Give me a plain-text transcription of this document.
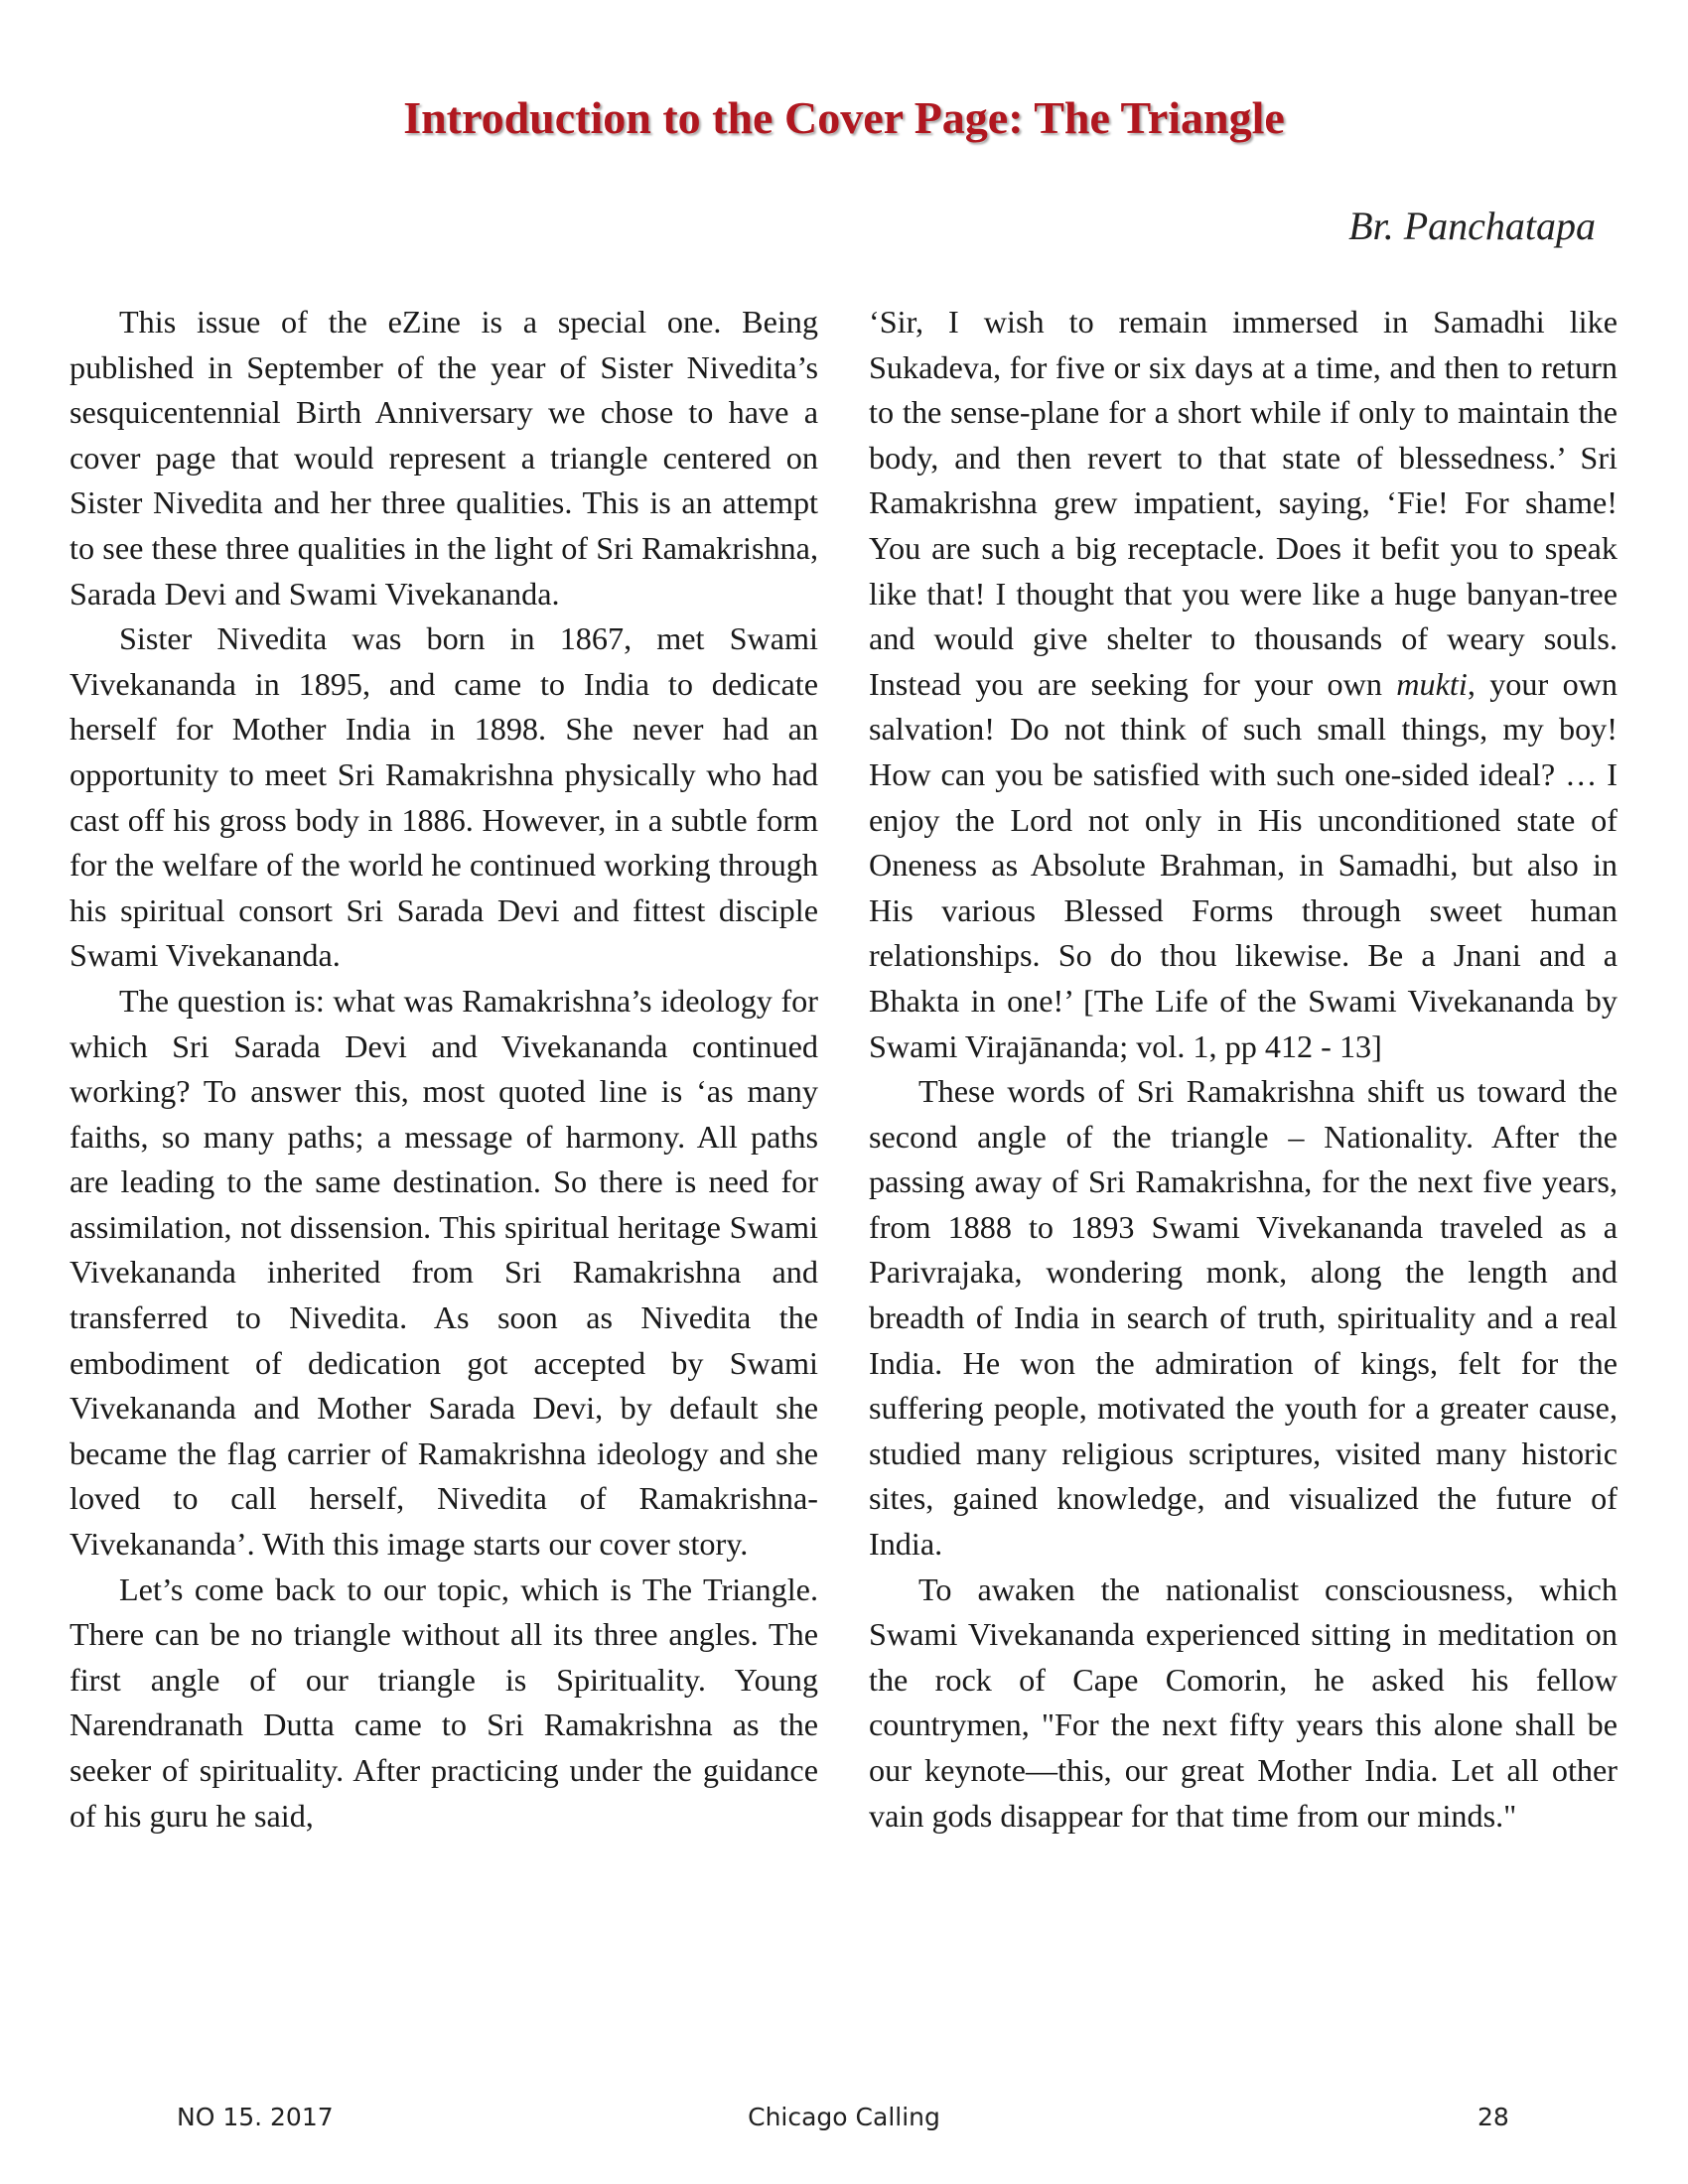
Introduction to the Cover Page: The Triangle
Br. Panchatapa

This issue of the eZine is a special one. Being published in September of the year of Sister Nivedita’s sesquicentennial Birth Anniversary we chose to have a cover page that would represent a triangle centered on Sister Nivedita and her three qualities. This is an attempt to see these three qualities in the light of Sri Ramakrishna, Sarada Devi and Swami Vivekananda.

Sister Nivedita was born in 1867, met Swami Vivekananda in 1895, and came to India to dedicate herself for Mother India in 1898. She never had an opportunity to meet Sri Ramakrishna physically who had cast off his gross body in 1886. However, in a subtle form for the welfare of the world he continued working through his spiritual consort Sri Sarada Devi and fittest disciple Swami Vivekananda.

The question is: what was Ramakrishna’s ideology for which Sri Sarada Devi and Vivekananda continued working? To answer this, most quoted line is ‘as many faiths, so many paths; a message of harmony. All paths are leading to the same destination. So there is need for assimilation, not dissension. This spiritual heritage Swami Vivekananda inherited from Sri Ramakrishna and transferred to Nivedita. As soon as Nivedita the embodiment of dedication got accepted by Swami Vivekananda and Mother Sarada Devi, by default she became the flag carrier of Ramakrishna ideology and she loved to call herself, Nivedita of Ramakrishna-Vivekananda’. With this image starts our cover story.

Let’s come back to our topic, which is The Triangle. There can be no triangle without all its three angles. The first angle of our triangle is Spirituality. Young Narendranath Dutta came to Sri Ramakrishna as the seeker of spirituality. After practicing under the guidance of his guru he said,

‘Sir, I wish to remain immersed in Samadhi like Sukadeva, for five or six days at a time, and then to return to the sense-plane for a short while if only to maintain the body, and then revert to that state of blessedness.’ Sri Ramakrishna grew impatient, saying, ‘Fie! For shame! You are such a big receptacle. Does it befit you to speak like that! I thought that you were like a huge banyan-tree and would give shelter to thousands of weary souls. Instead you are seeking for your own mukti, your own salvation! Do not think of such small things, my boy! How can you be satisfied with such one-sided ideal? … I enjoy the Lord not only in His unconditioned state of Oneness as Absolute Brahman, in Samadhi, but also in His various Blessed Forms through sweet human relationships. So do thou likewise. Be a Jnani and a Bhakta in one!’ [The Life of the Swami Vivekananda by Swami Virajānanda; vol. 1, pp 412 - 13]

These words of Sri Ramakrishna shift us toward the second angle of the triangle – Nationality. After the passing away of Sri Ramakrishna, for the next five years, from 1888 to 1893 Swami Vivekananda traveled as a Parivrajaka, wondering monk, along the length and breadth of India in search of truth, spirituality and a real India. He won the admiration of kings, felt for the suffering people, motivated the youth for a greater cause, studied many religious scriptures, visited many historic sites, gained knowledge, and visualized the future of India.

To awaken the nationalist consciousness, which Swami Vivekananda experienced sitting in meditation on the rock of Cape Comorin, he asked his fellow countrymen, "For the next fifty years this alone shall be our keynote—this, our great Mother India. Let all other vain gods disappear for that time from our minds."

NO 15. 2017	Chicago Calling	28
